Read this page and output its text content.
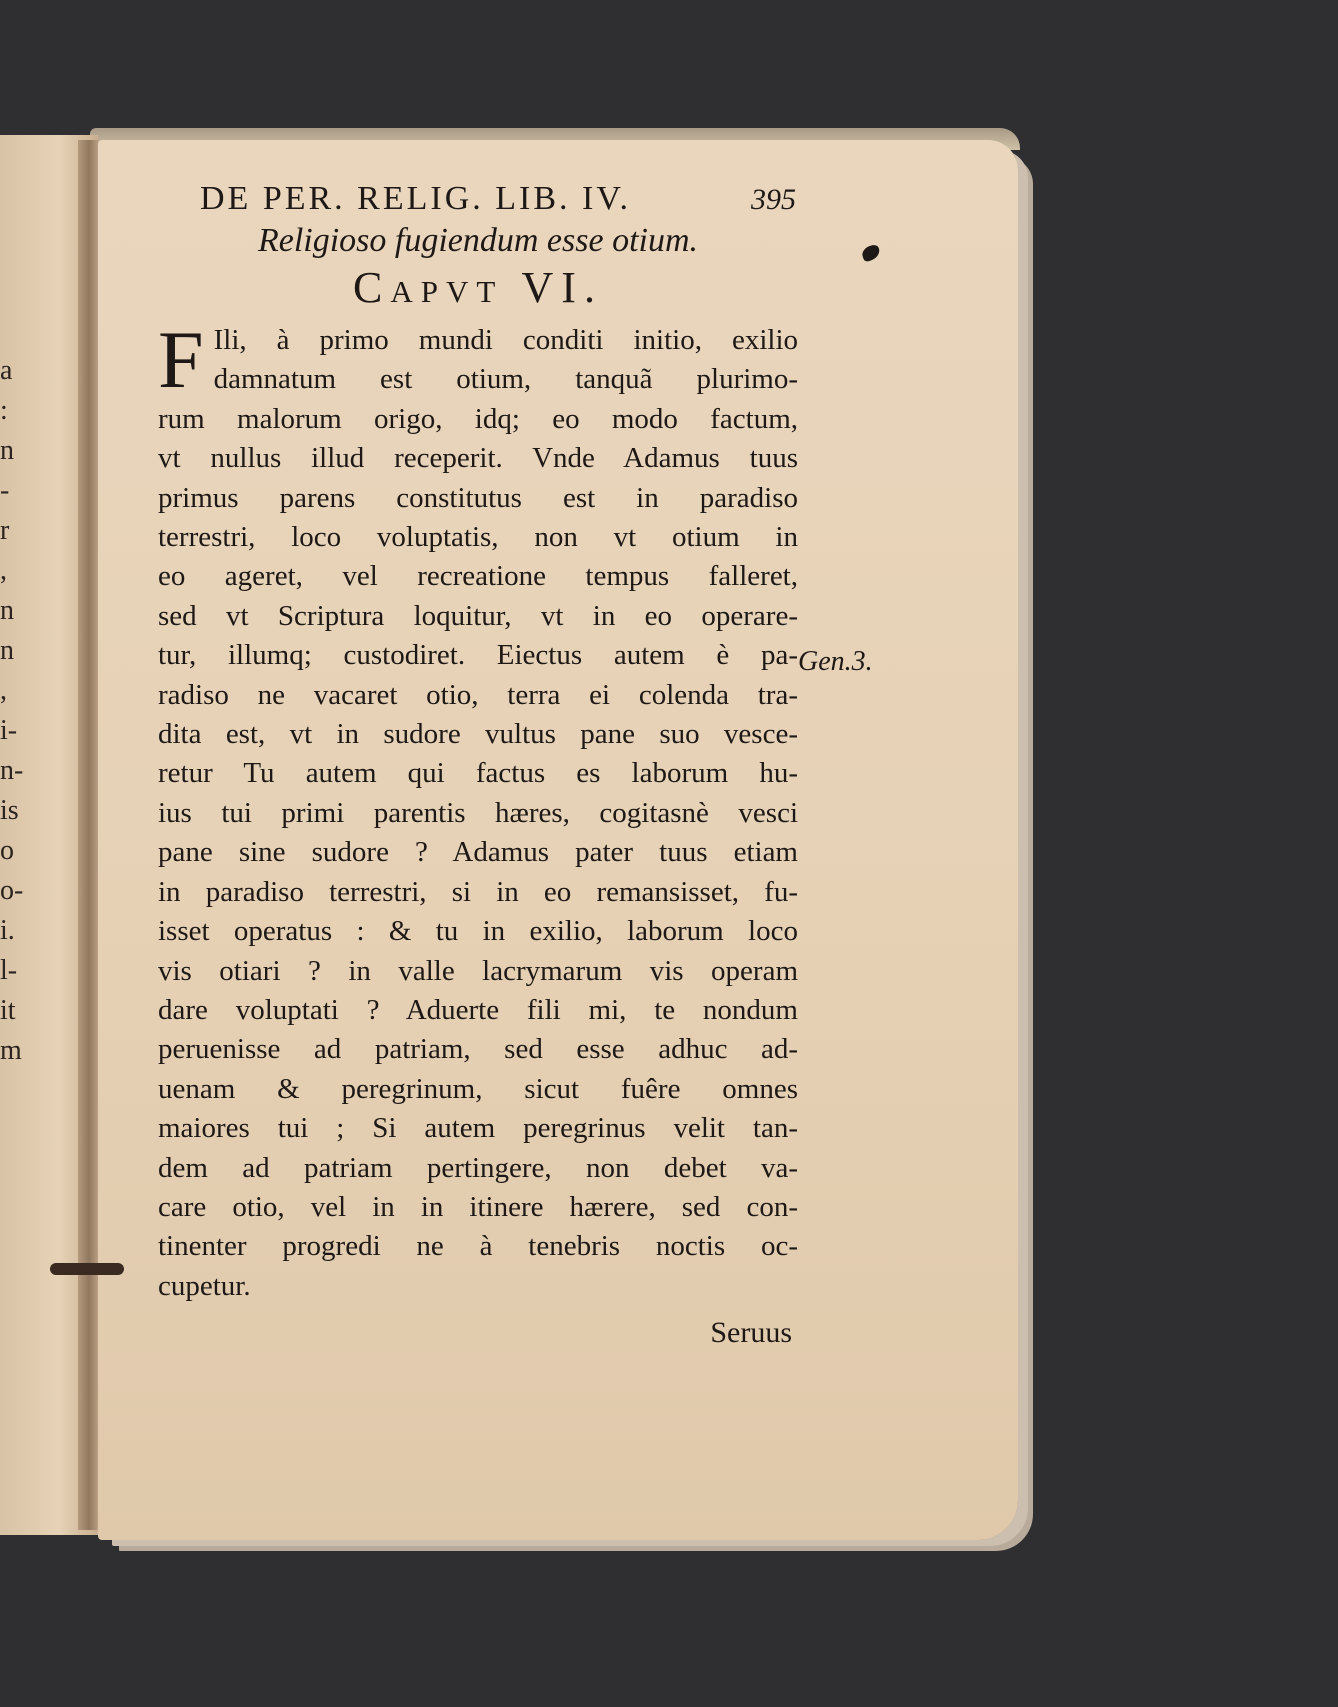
a
:
n
-
r
,
n
n
,
i-
n-
is
o
o-
i.
l-
it
m
DE PER. RELIG. LIB. IV.	395
Religioso fugiendum esse otium.
Capvt VI.
F Ili, à primo mundi conditi initio, exilio
damnatum est otium, tanquã plurimo-
rum malorum origo, idq; eo modo factum,
vt nullus illud receperit. Vnde Adamus tuus
primus parens constitutus est in paradiso
terrestri, loco voluptatis, non vt otium in
eo ageret, vel recreatione tempus falleret,
sed vt Scriptura loquitur, vt in eo operare-
tur, illumq; custodiret. Eiectus autem è pa-
radiso ne vacaret otio, terra ei colenda tra-
dita est, vt in sudore vultus pane suo vesce-
retur Tu autem qui factus es laborum hu-
ius tui primi parentis hæres, cogitasnè vesci
pane sine sudore ? Adamus pater tuus etiam
in paradiso terrestri, si in eo remansisset, fu-
isset operatus : & tu in exilio, laborum loco
vis otiari ? in valle lacrymarum vis operam
dare voluptati ? Aduerte fili mi, te nondum
peruenisse ad patriam, sed esse adhuc ad-
uenam & peregrinum, sicut fuêre omnes
maiores tui ; Si autem peregrinus velit tan-
dem ad patriam pertingere, non debet va-
care otio, vel in in itinere hærere, sed con-
tinenter progredi ne à tenebris noctis oc-
cupetur.
Seruus
Gen.3.
